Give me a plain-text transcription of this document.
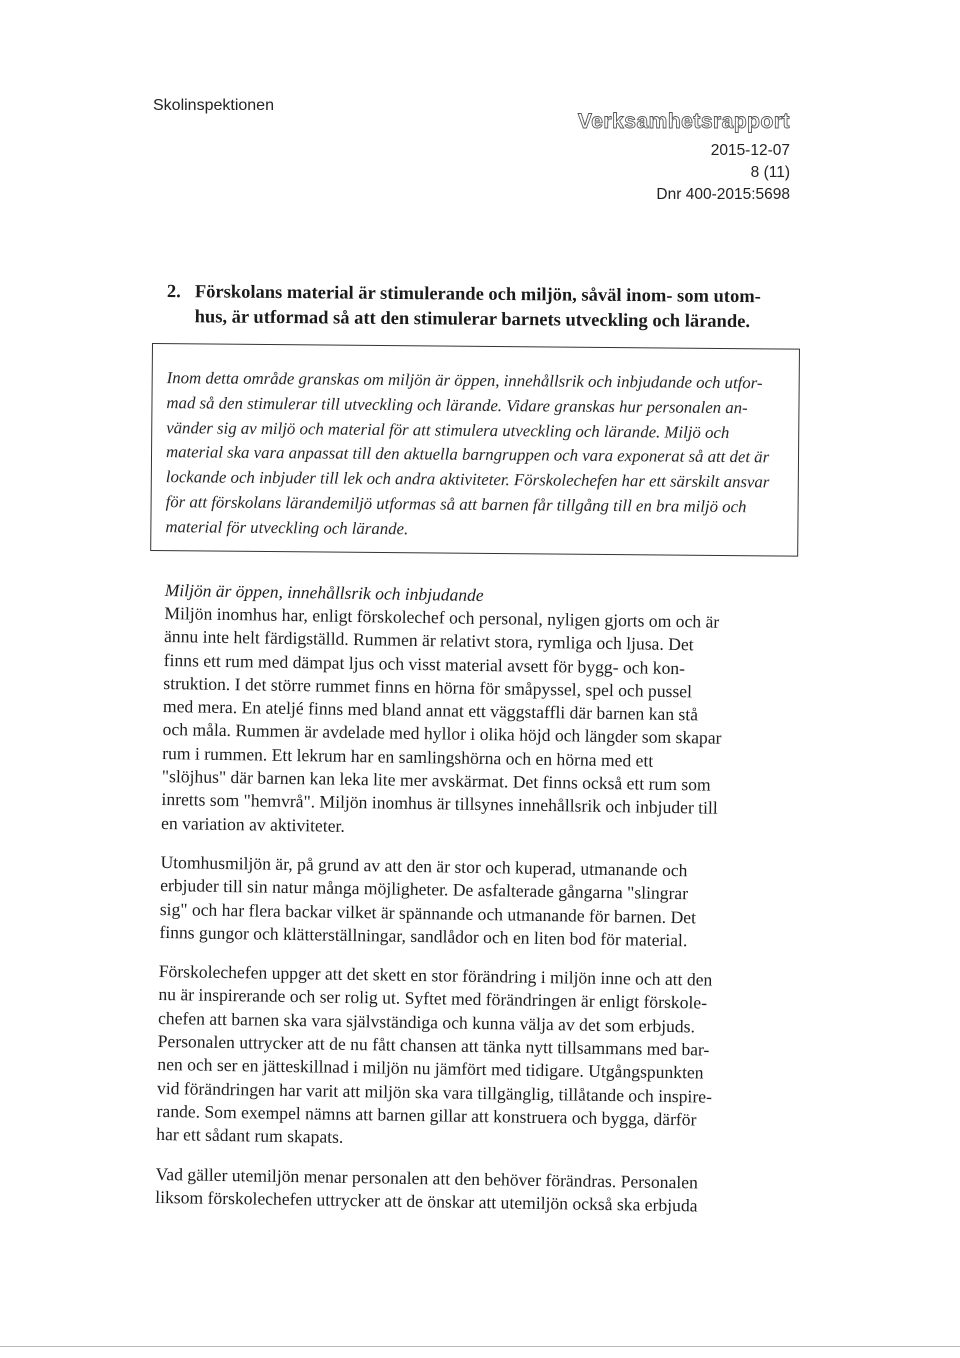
Skolinspektionen
Verksamhetsrapport
2015-12-07
8 (11)
Dnr 400-2015:5698
2. Förskolans material är stimulerande och miljön, såväl inom- som utom-
hus, är utformad så att den stimulerar barnets utveckling och lärande.
Inom detta område granskas om miljön är öppen, innehållsrik och inbjudande och utfor-
mad så den stimulerar till utveckling och lärande. Vidare granskas hur personalen an-
vänder sig av miljö och material för att stimulera utveckling och lärande. Miljö och
material ska vara anpassat till den aktuella barngruppen och vara exponerat så att det är
lockande och inbjuder till lek och andra aktiviteter. Förskolechefen har ett särskilt ansvar
för att förskolans lärandemiljö utformas så att barnen får tillgång till en bra miljö och
material för utveckling och lärande.
Miljön är öppen, innehållsrik och inbjudande
Miljön inomhus har, enligt förskolechef och personal, nyligen gjorts om och är
ännu inte helt färdigställd. Rummen är relativt stora, rymliga och ljusa. Det
finns ett rum med dämpat ljus och visst material avsett för bygg- och kon-
struktion. I det större rummet finns en hörna för småpyssel, spel och pussel
med mera. En ateljé finns med bland annat ett väggstaffli där barnen kan stå
och måla. Rummen är avdelade med hyllor i olika höjd och längder som skapar
rum i rummen. Ett lekrum har en samlingshörna och en hörna med ett
"slöjhus" där barnen kan leka lite mer avskärmat. Det finns också ett rum som
inretts som "hemvrå". Miljön inomhus är tillsynes innehållsrik och inbjuder till
en variation av aktiviteter.
Utomhusmiljön är, på grund av att den är stor och kuperad, utmanande och
erbjuder till sin natur många möjligheter. De asfalterade gångarna "slingrar
sig" och har flera backar vilket är spännande och utmanande för barnen. Det
finns gungor och klätterställningar, sandlådor och en liten bod för material.
Förskolechefen uppger att det skett en stor förändring i miljön inne och att den
nu är inspirerande och ser rolig ut. Syftet med förändringen är enligt förskole-
chefen att barnen ska vara självständiga och kunna välja av det som erbjuds.
Personalen uttrycker att de nu fått chansen att tänka nytt tillsammans med bar-
nen och ser en jätteskillnad i miljön nu jämfört med tidigare. Utgångspunkten
vid förändringen har varit att miljön ska vara tillgänglig, tillåtande och inspire-
rande. Som exempel nämns att barnen gillar att konstruera och bygga, därför
har ett sådant rum skapats.
Vad gäller utemiljön menar personalen att den behöver förändras. Personalen
liksom förskolechefen uttrycker att de önskar att utemiljön också ska erbjuda
